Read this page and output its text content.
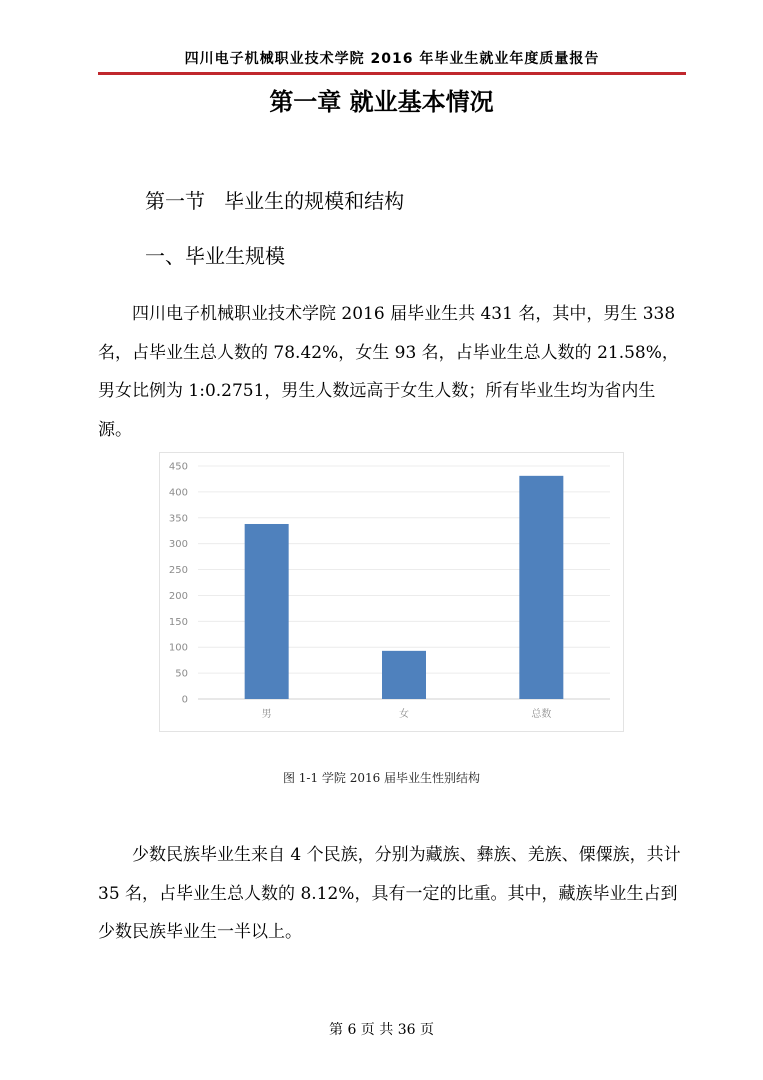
四川电子机械职业技术学院 2016 年毕业生就业年度质量报告
第一章 就业基本情况
第一节   毕业生的规模和结构
一、毕业生规模

四川电子机械职业技术学院 2016 届毕业生共 431 名，其中，男生 338 名，占毕业生总人数的 78.42%，女生 93 名，占毕业生总人数的 21.58%，男女比例为 1:0.2751，男生人数远高于女生人数；所有毕业生均为省内生源。

0
50
100
150
200
250
300
350
400
450
男	女	总数
图 1-1 学院 2016 届毕业生性别结构

少数民族毕业生来自 4 个民族，分别为藏族、彝族、羌族、傈僳族，共计 35 名，占毕业生总人数的 8.12%，具有一定的比重。其中，藏族毕业生占到少数民族毕业生一半以上。

第 6 页 共 36 页
